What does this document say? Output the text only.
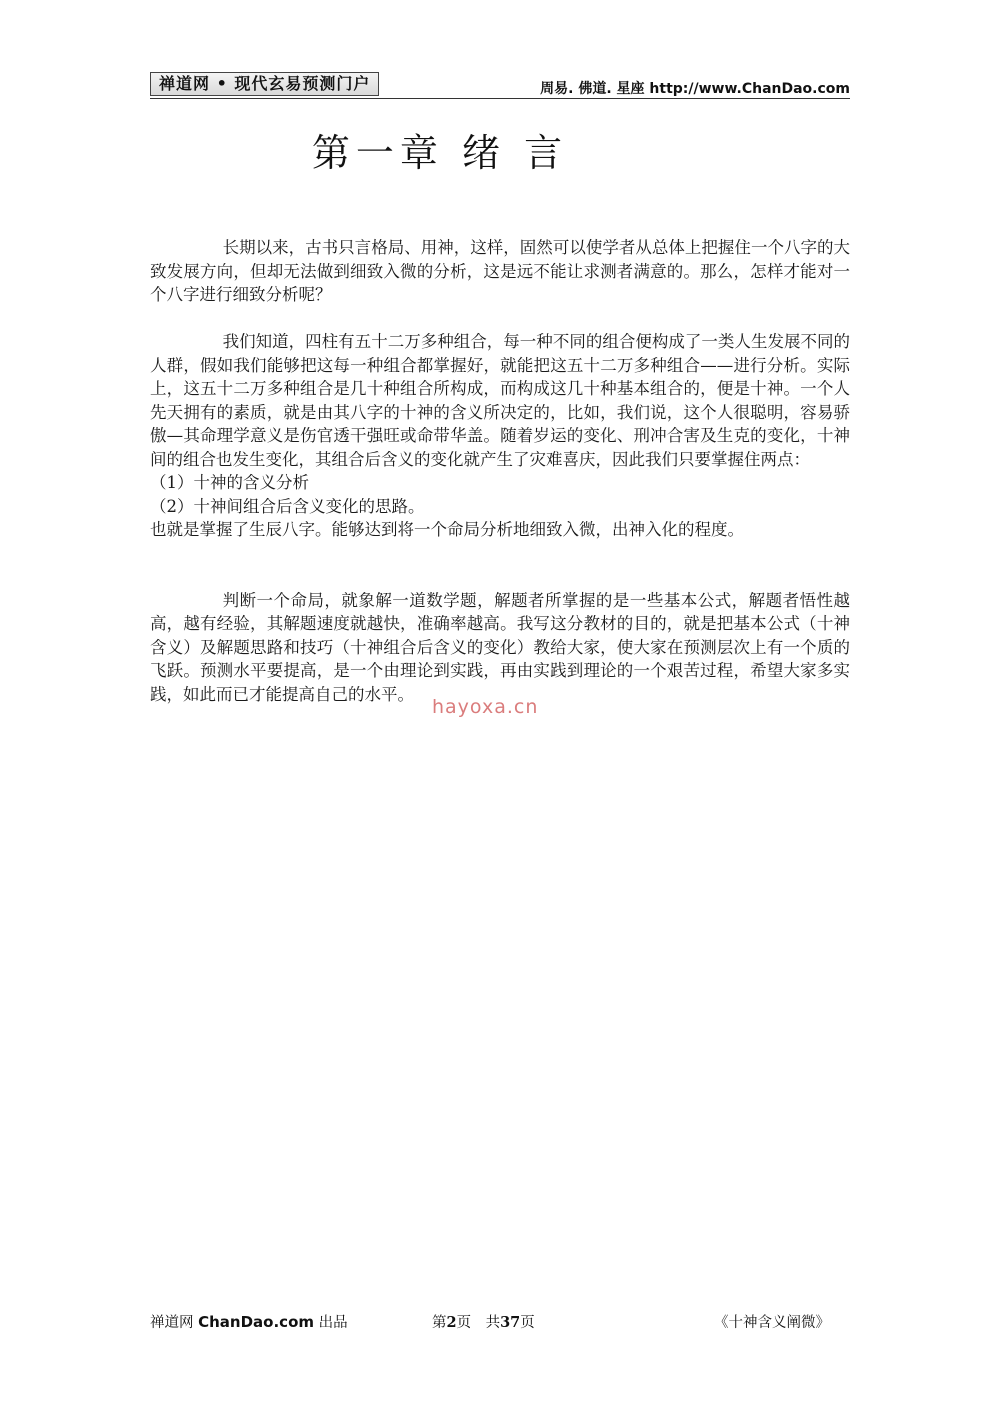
禅道网 • 现代玄易预测门户	周易. 佛道. 星座 http://www.ChanDao.com
第一章 绪 言

长期以来，古书只言格局、用神，这样，固然可以使学者从总体上把握住一个八字的大致发展方向，但却无法做到细致入微的分析，这是远不能让求测者满意的。那么，怎样才能对一个八字进行细致分析呢？

我们知道，四柱有五十二万多种组合，每一种不同的组合便构成了一类人生发展不同的人群，假如我们能够把这每一种组合都掌握好，就能把这五十二万多种组合——进行分析。实际上，这五十二万多种组合是几十种组合所构成，而构成这几十种基本组合的，便是十神。一个人先天拥有的素质，就是由其八字的十神的含义所决定的，比如，我们说，这个人很聪明，容易骄傲—其命理学意义是伤官透干强旺或命带华盖。随着岁运的变化、刑冲合害及生克的变化，十神间的组合也发生变化，其组合后含义的变化就产生了灾难喜庆，因此我们只要掌握住两点：

（1）十神的含义分析

（2）十神间组合后含义变化的思路。

也就是掌握了生辰八字。能够达到将一个命局分析地细致入微，出神入化的程度。

判断一个命局，就象解一道数学题，解题者所掌握的是一些基本公式，解题者悟性越高，越有经验，其解题速度就越快，准确率越高。我写这分教材的目的，就是把基本公式（十神含义）及解题思路和技巧（十神组合后含义的变化）教给大家，使大家在预测层次上有一个质的飞跃。预测水平要提高，是一个由理论到实践，再由实践到理论的一个艰苦过程，希望大家多实践，如此而已才能提高自己的水平。

hayoxa.cn
禅道网 ChanDao.com 出品	第2页　共37页	《十神含义阐微》
